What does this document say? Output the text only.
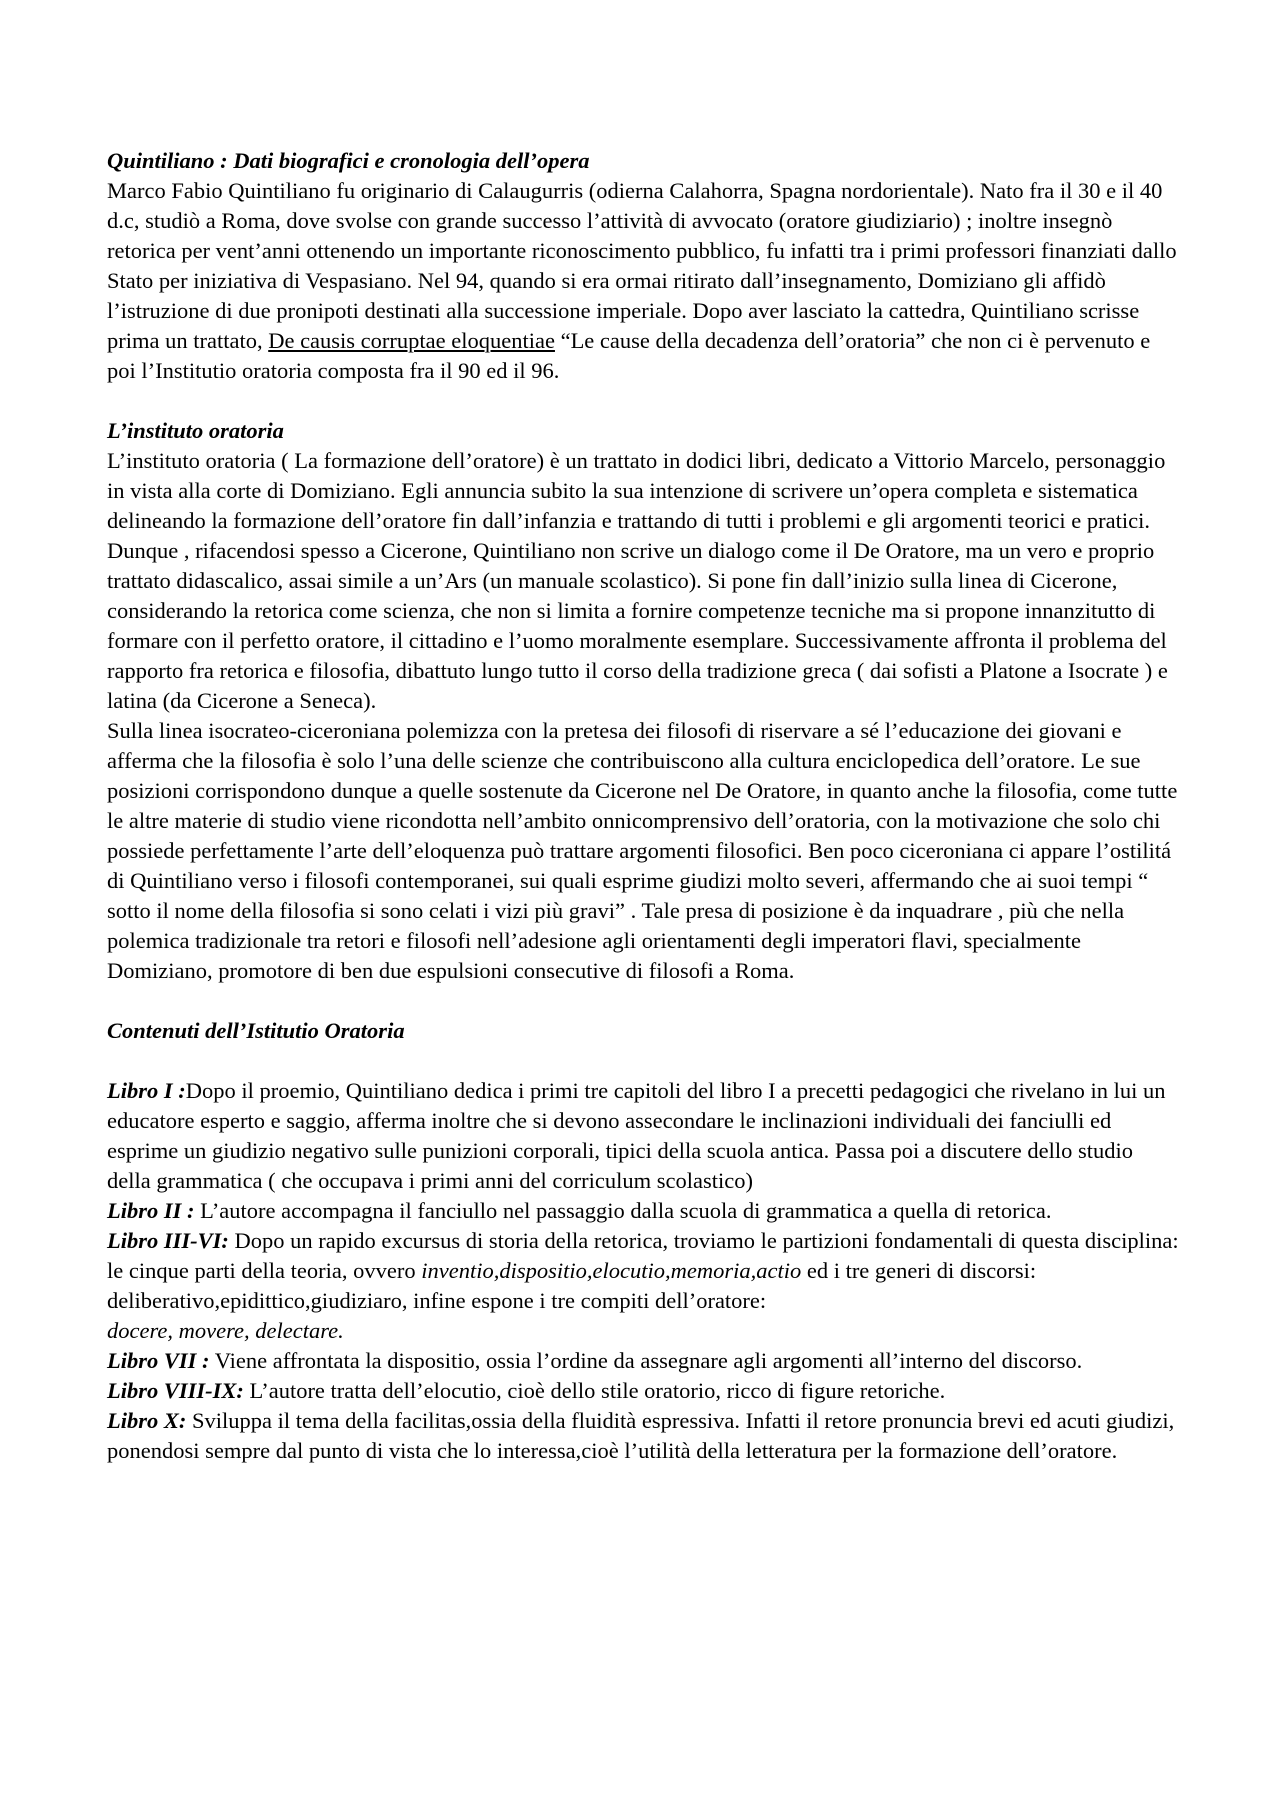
Quintiliano : Dati biografici e cronologia dell’opera

Marco Fabio Quintiliano fu originario di Calaugurris (odierna Calahorra, Spagna nordorientale). Nato fra il 30 e il 40 d.c, studiò a Roma, dove svolse con grande successo l’attività di avvocato (oratore giudiziario) ; inoltre insegnò retorica per vent’anni ottenendo un importante riconoscimento pubblico, fu infatti tra i primi professori finanziati dallo Stato per iniziativa di Vespasiano. Nel 94, quando si era ormai ritirato dall’insegnamento, Domiziano gli affidò l’istruzione di due pronipoti destinati alla successione imperiale. Dopo aver lasciato la cattedra, Quintiliano scrisse prima un trattato, De causis corruptae eloquentiae “Le cause della decadenza dell’oratoria” che non ci è pervenuto e poi l’Institutio oratoria composta fra il 90 ed il 96.

L’instituto oratoria

L’instituto oratoria ( La formazione dell’oratore) è un trattato in dodici libri, dedicato a Vittorio Marcelo, personaggio in vista alla corte di Domiziano. Egli annuncia subito la sua intenzione di scrivere un’opera completa e sistematica delineando la formazione dell’oratore fin dall’infanzia e trattando di tutti i problemi e gli argomenti teorici e pratici. Dunque , rifacendosi spesso a Cicerone, Quintiliano non scrive un dialogo come il De Oratore, ma un vero e proprio trattato didascalico, assai simile a un’Ars (un manuale scolastico). Si pone fin dall’inizio sulla linea di Cicerone, considerando la retorica come scienza, che non si limita a fornire competenze tecniche ma si propone innanzitutto di formare con il perfetto oratore, il cittadino e l’uomo moralmente esemplare. Successivamente affronta il problema del rapporto fra retorica e filosofia, dibattuto lungo tutto il corso della tradizione greca ( dai sofisti a Platone a Isocrate ) e latina (da Cicerone a Seneca).

Sulla linea isocrateo-ciceroniana polemizza con la pretesa dei filosofi di riservare a sé l’educazione dei giovani e afferma che la filosofia è solo l’una delle scienze che contribuiscono alla cultura enciclopedica dell’oratore. Le sue posizioni corrispondono dunque a quelle sostenute da Cicerone nel De Oratore, in quanto anche la filosofia, come tutte le altre materie di studio viene ricondotta nell’ambito onnicomprensivo dell’oratoria, con la motivazione che solo chi possiede perfettamente l’arte dell’eloquenza può trattare argomenti filosofici. Ben poco ciceroniana ci appare l’ostilitá di Quintiliano verso i filosofi contemporanei, sui quali esprime giudizi molto severi, affermando che ai suoi tempi “ sotto il nome della filosofia si sono celati i vizi più gravi” . Tale presa di posizione è da inquadrare , più che nella polemica tradizionale tra retori e filosofi nell’adesione agli orientamenti degli imperatori flavi, specialmente Domiziano, promotore di ben due espulsioni consecutive di filosofi a Roma.

Contenuti dell’Istitutio Oratoria

Libro I :Dopo il proemio, Quintiliano dedica i primi tre capitoli del libro I a precetti pedagogici che rivelano in lui un educatore esperto e saggio, afferma inoltre che si devono assecondare le inclinazioni individuali dei fanciulli ed esprime un giudizio negativo sulle punizioni corporali, tipici della scuola antica. Passa poi a discutere dello studio della grammatica ( che occupava i primi anni del corriculum scolastico)

Libro II : L’autore accompagna il fanciullo nel passaggio dalla scuola di grammatica a quella di retorica.

Libro III-VI: Dopo un rapido excursus di storia della retorica, troviamo le partizioni fondamentali di questa disciplina: le cinque parti della teoria, ovvero inventio,dispositio,elocutio,memoria,actio ed i tre generi di discorsi: deliberativo,epidittico,giudiziaro, infine espone i tre compiti dell’oratore:
docere, movere, delectare.

Libro VII : Viene affrontata la dispositio, ossia l’ordine da assegnare agli argomenti all’interno del discorso.

Libro VIII-IX: L’autore tratta dell’elocutio, cioè dello stile oratorio, ricco di figure retoriche.

Libro X: Sviluppa il tema della facilitas,ossia della fluidità espressiva. Infatti il retore pronuncia brevi ed acuti giudizi, ponendosi sempre dal punto di vista che lo interessa,cioè l’utilità della letteratura per la formazione dell’oratore.
